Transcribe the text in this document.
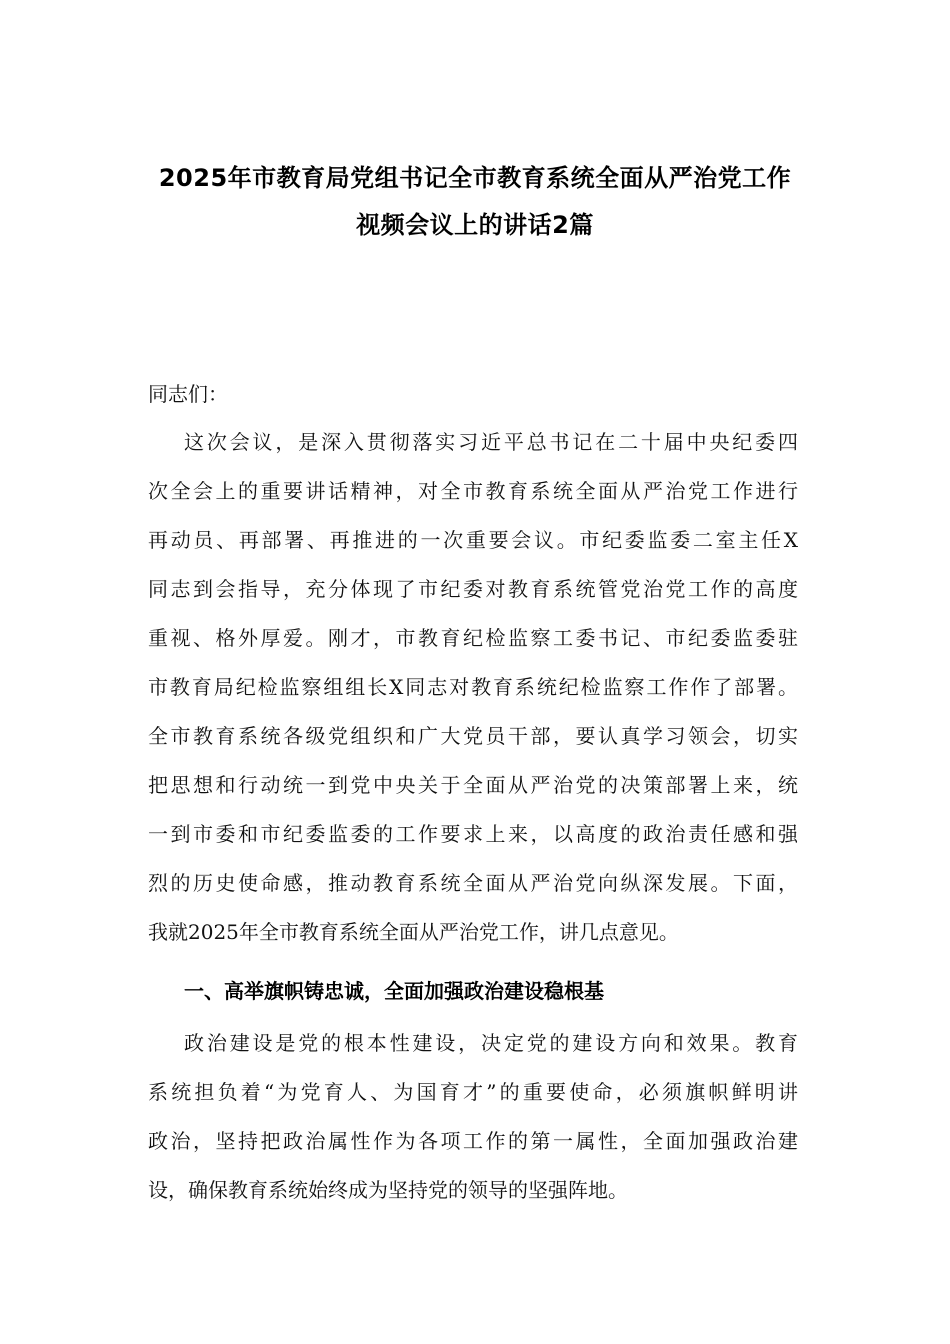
2025年市教育局党组书记全市教育系统全面从严治党工作
视频会议上的讲话2篇
同志们：
这次会议，是深入贯彻落实习近平总书记在二十届中央纪委四
次全会上的重要讲话精神，对全市教育系统全面从严治党工作进行
再动员、再部署、再推进的一次重要会议。市纪委监委二室主任X
同志到会指导，充分体现了市纪委对教育系统管党治党工作的高度
重视、格外厚爱。刚才，市教育纪检监察工委书记、市纪委监委驻
市教育局纪检监察组组长X同志对教育系统纪检监察工作作了部署。
全市教育系统各级党组织和广大党员干部，要认真学习领会，切实
把思想和行动统一到党中央关于全面从严治党的决策部署上来，统
一到市委和市纪委监委的工作要求上来，以高度的政治责任感和强
烈的历史使命感，推动教育系统全面从严治党向纵深发展。下面，
我就2025年全市教育系统全面从严治党工作，讲几点意见。
一、高举旗帜铸忠诚，全面加强政治建设稳根基
政治建设是党的根本性建设，决定党的建设方向和效果。教育
系统担负着“为党育人、为国育才”的重要使命，必须旗帜鲜明讲
政治，坚持把政治属性作为各项工作的第一属性，全面加强政治建
设，确保教育系统始终成为坚持党的领导的坚强阵地。
